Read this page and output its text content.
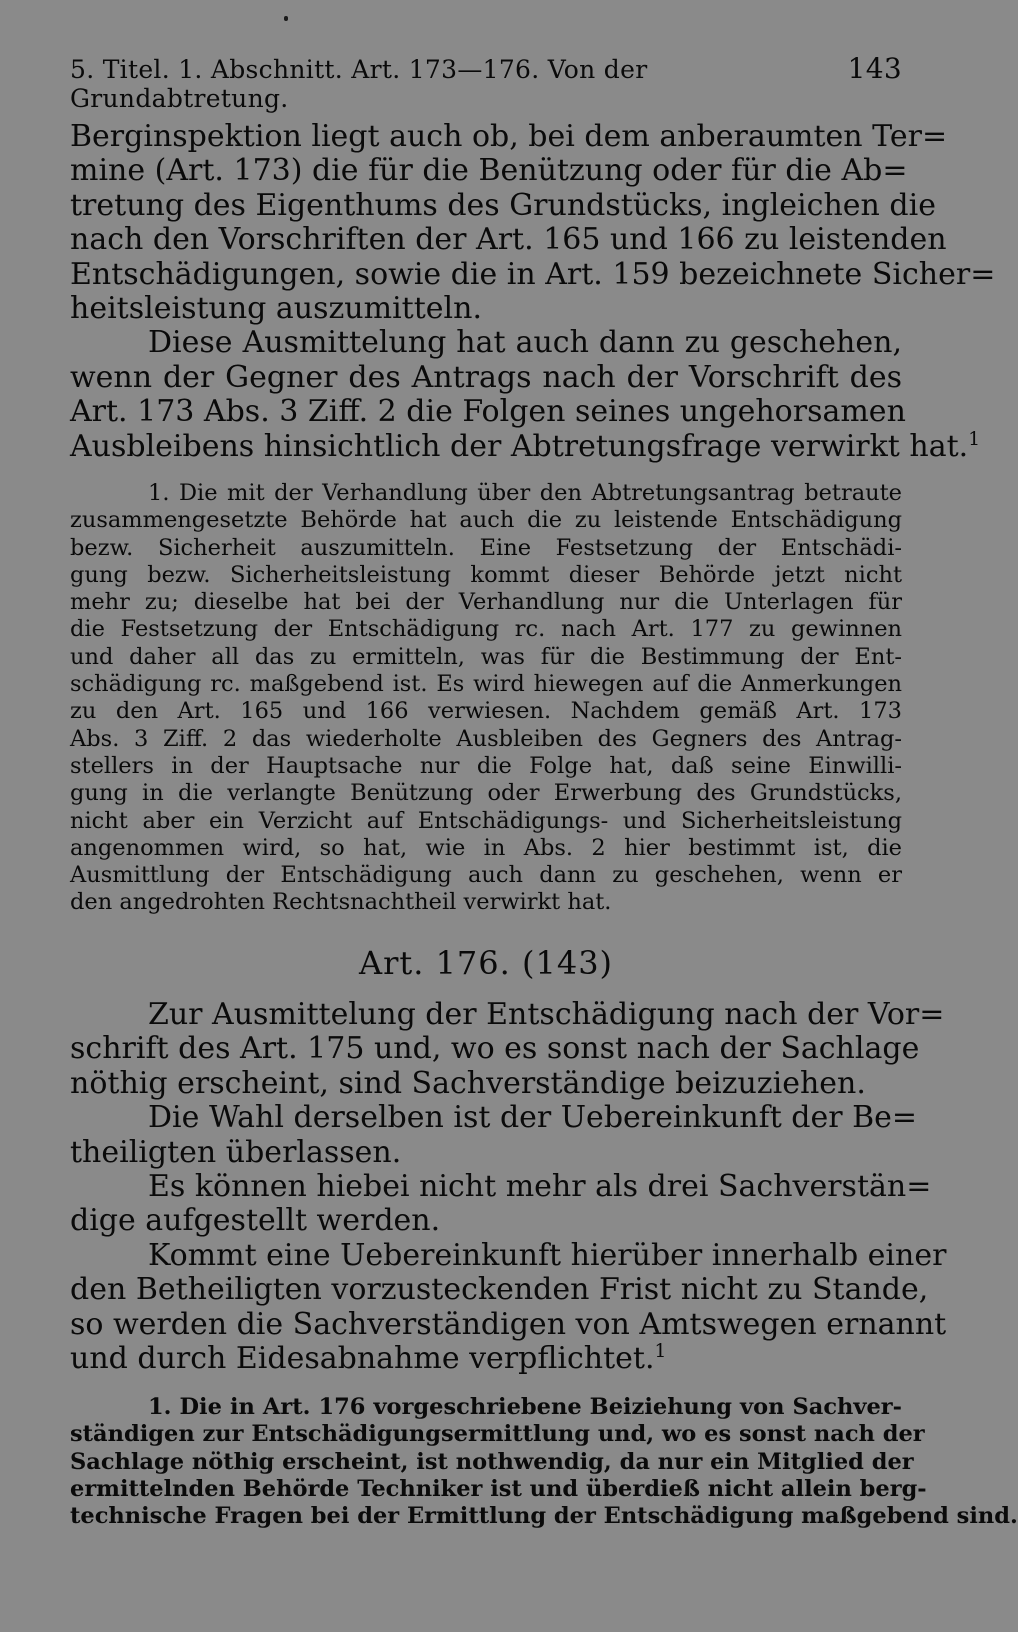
5. Titel. 1. Abschnitt. Art. 173—176. Von der Grundabtretung.
143
Berginspektion liegt auch ob, bei dem anberaumten Ter=
mine (Art. 173) die für die Benützung oder für die Ab=
tretung des Eigenthums des Grundstücks, ingleichen die
nach den Vorschriften der Art. 165 und 166 zu leistenden
Entschädigungen, sowie die in Art. 159 bezeichnete Sicher=
heitsleistung auszumitteln.
Diese Ausmittelung hat auch dann zu geschehen,
wenn der Gegner des Antrags nach der Vorschrift des
Art. 173 Abs. 3 Ziff. 2 die Folgen seines ungehorsamen
Ausbleibens hinsichtlich der Abtretungsfrage verwirkt hat.$^1$
1. Die mit der Verhandlung über den Abtretungsantrag betraute
zusammengesetzte Behörde hat auch die zu leistende Entschädigung
bezw. Sicherheit auszumitteln. Eine Festsetzung der Entschädi-
gung bezw. Sicherheitsleistung kommt dieser Behörde jetzt nicht
mehr zu; dieselbe hat bei der Verhandlung nur die Unterlagen für
die Festsetzung der Entschädigung rc. nach Art. 177 zu gewinnen
und daher all das zu ermitteln, was für die Bestimmung der Ent-
schädigung rc. maßgebend ist. Es wird hiewegen auf die Anmerkungen
zu den Art. 165 und 166 verwiesen. Nachdem gemäß Art. 173
Abs. 3 Ziff. 2 das wiederholte Ausbleiben des Gegners des Antrag-
stellers in der Hauptsache nur die Folge hat, daß seine Einwilli-
gung in die verlangte Benützung oder Erwerbung des Grundstücks,
nicht aber ein Verzicht auf Entschädigungs- und Sicherheitsleistung
angenommen wird, so hat, wie in Abs. 2 hier bestimmt ist, die
Ausmittlung der Entschädigung auch dann zu geschehen, wenn er
den angedrohten Rechtsnachtheil verwirkt hat.
Art. 176. (143)
Zur Ausmittelung der Entschädigung nach der Vor=
schrift des Art. 175 und, wo es sonst nach der Sachlage
nöthig erscheint, sind Sachverständige beizuziehen.
Die Wahl derselben ist der Uebereinkunft der Be=
theiligten überlassen.
Es können hiebei nicht mehr als drei Sachverstän=
dige aufgestellt werden.
Kommt eine Uebereinkunft hierüber innerhalb einer
den Betheiligten vorzusteckenden Frist nicht zu Stande,
so werden die Sachverständigen von Amtswegen ernannt
und durch Eidesabnahme verpflichtet.$^1$
1. Die in Art. 176 vorgeschriebene Beiziehung von Sachver-
ständigen zur Entschädigungsermittlung und, wo es sonst nach der
Sachlage nöthig erscheint, ist nothwendig, da nur ein Mitglied der
ermittelnden Behörde Techniker ist und überdieß nicht allein berg-
technische Fragen bei der Ermittlung der Entschädigung maßgebend sind.
